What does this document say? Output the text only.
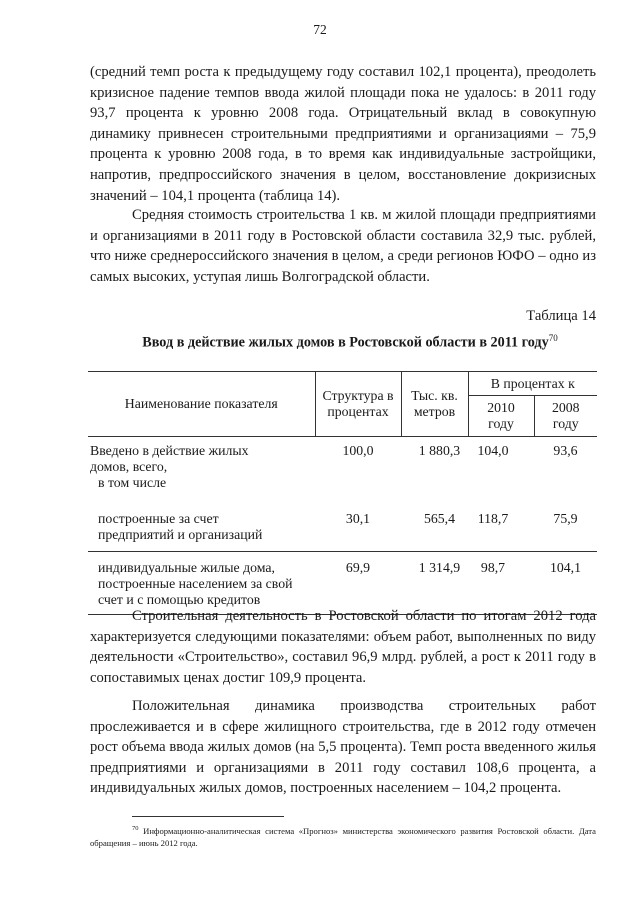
72

(средний темп роста к предыдущему году составил 102,1 процента), преодолеть кризисное падение темпов ввода жилой площади пока не удалось: в 2011 году 93,7 процента к уровню 2008 года. Отрицательный вклад в совокупную динамику привнесен строительными предприятиями и организациями – 75,9 процента к уровню 2008 года, в то время как индивидуальные застройщики, напротив, предпроссийского значения в целом, восстановление докризисных значений – 104,1 процента (таблица 14).

Средняя стоимость строительства 1 кв. м жилой площади предприятиями и организациями в 2011 году в Ростовской области составила 32,9 тыс. рублей, что ниже среднероссийского значения в целом, а среди регионов ЮФО – одно из самых высоких, уступая лишь Волгоградской области.

Таблица 14
Ввод в действие жилых домов в Ростовской области в 2011 году$^{70}$
Наименование показателя	Структура в процентах	Тыс. кв. метров	В процентах к	
			2010 году	2008 году

Введено в действие жилых
домов, всего,
в том числе	100,0	1 880,3	104,0	93,6

построенные за счет
предприятий и организаций	30,1	565,4	118,7	75,9

индивидуальные жилые дома,
построенные населением за свой
счет и с помощью кредитов	69,9	1 314,9	98,7	104,1

Строительная деятельность в Ростовской области по итогам 2012 года характеризуется следующими показателями: объем работ, выполненных по виду деятельности «Строительство», составил 96,9 млрд. рублей, а рост к 2011 году в сопоставимых ценах достиг 109,9 процента.

Положительная динамика производства строительных работ прослеживается и в сфере жилищного строительства, где в 2012 году отмечен рост объема ввода жилых домов (на 5,5 процента). Темп роста введенного жилья предприятиями и организациями в 2011 году составил 108,6 процента, а индивидуальных жилых домов, построенных населением – 104,2 процента.

$^{70}$ Информационно-аналитическая система «Прогноз» министерства экономического развития Ростовской области. Дата обращения – июнь 2012 года.
